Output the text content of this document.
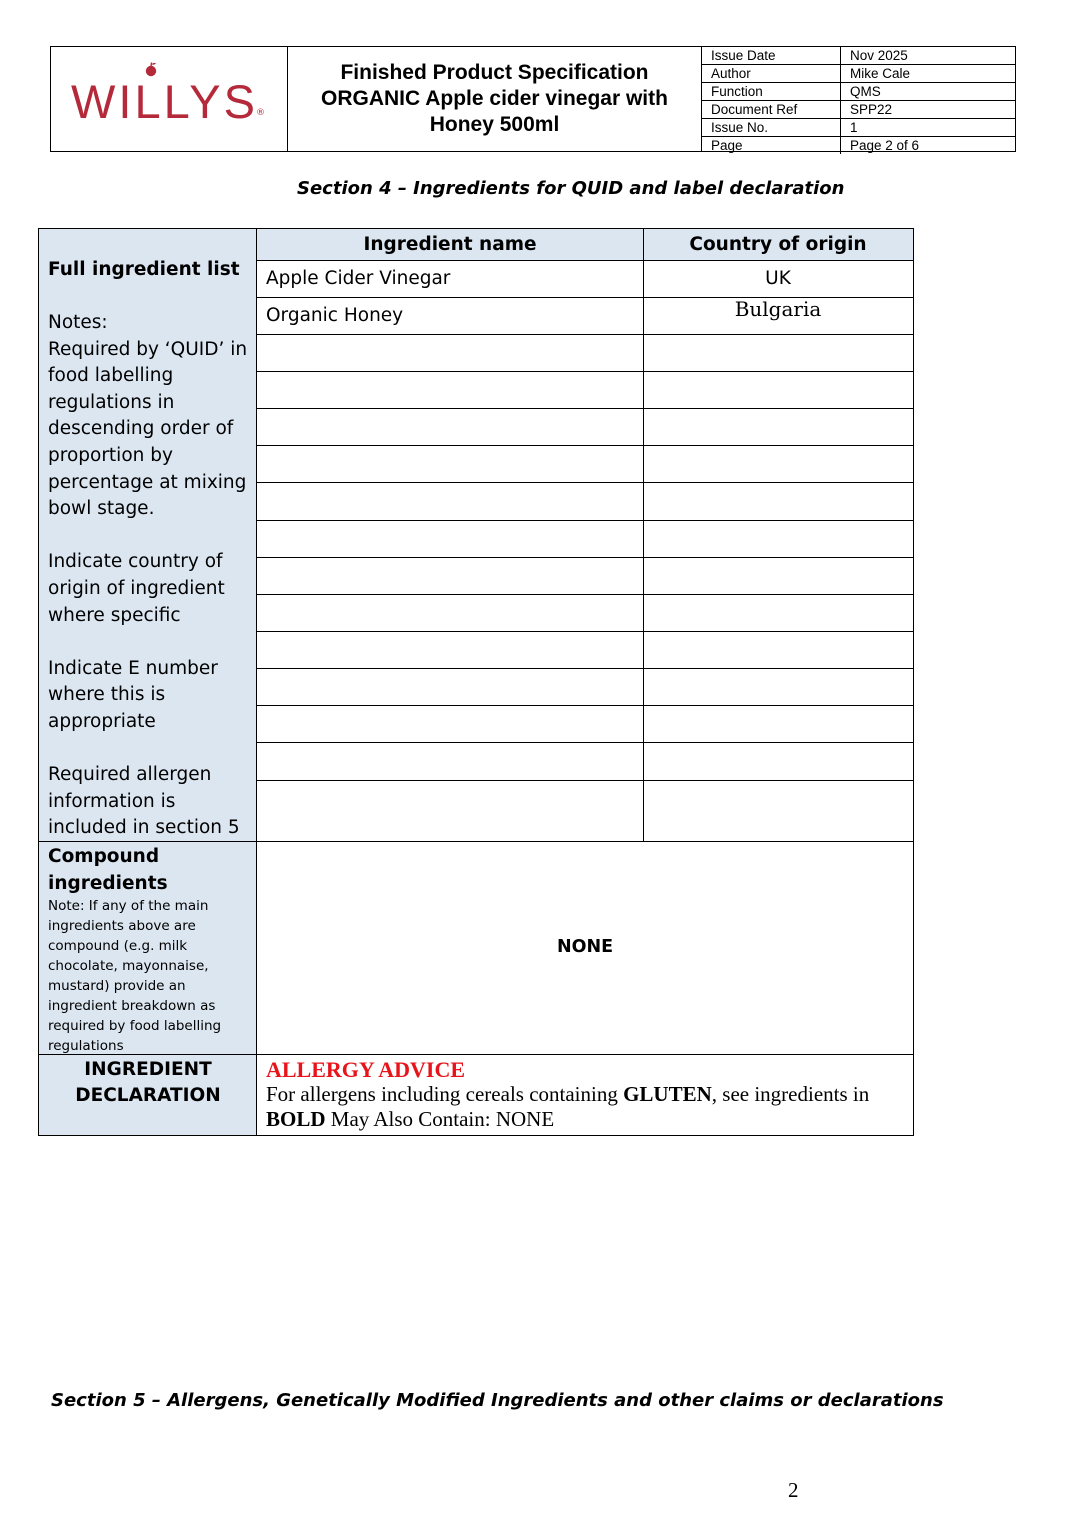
WILLYS
®
Finished Product Specification
ORGANIC Apple cider vinegar with
Honey 500ml
Issue Date	Nov 2025
Author	Mike Cale
Function	QMS
Document Ref	SPP22
Issue No.	1
Page	Page 2 of 6
Section 4 – Ingredients for QUID and label declaration
Full ingredient list
Notes:
Required by ‘QUID’ in
food labelling
regulations in
descending order of
proportion by
percentage at mixing
bowl stage.
Indicate country of
origin of ingredient
where specific
Indicate E number
where this is
appropriate
Required allergen
information is
included in section 5
Ingredient name	Country of origin
Apple Cider Vinegar	UK
Organic Honey	Bulgaria
Compound
ingredients
Note: If any of the main
ingredients above are
compound (e.g. milk
chocolate, mayonnaise,
mustard) provide an
ingredient breakdown as
required by food labelling
regulations
NONE
INGREDIENT
DECLARATION
ALLERGY ADVICE
For allergens including cereals containing GLUTEN, see ingredients in
BOLD May Also Contain: NONE
Section 5 – Allergens, Genetically Modified Ingredients and other claims or declarations
2
